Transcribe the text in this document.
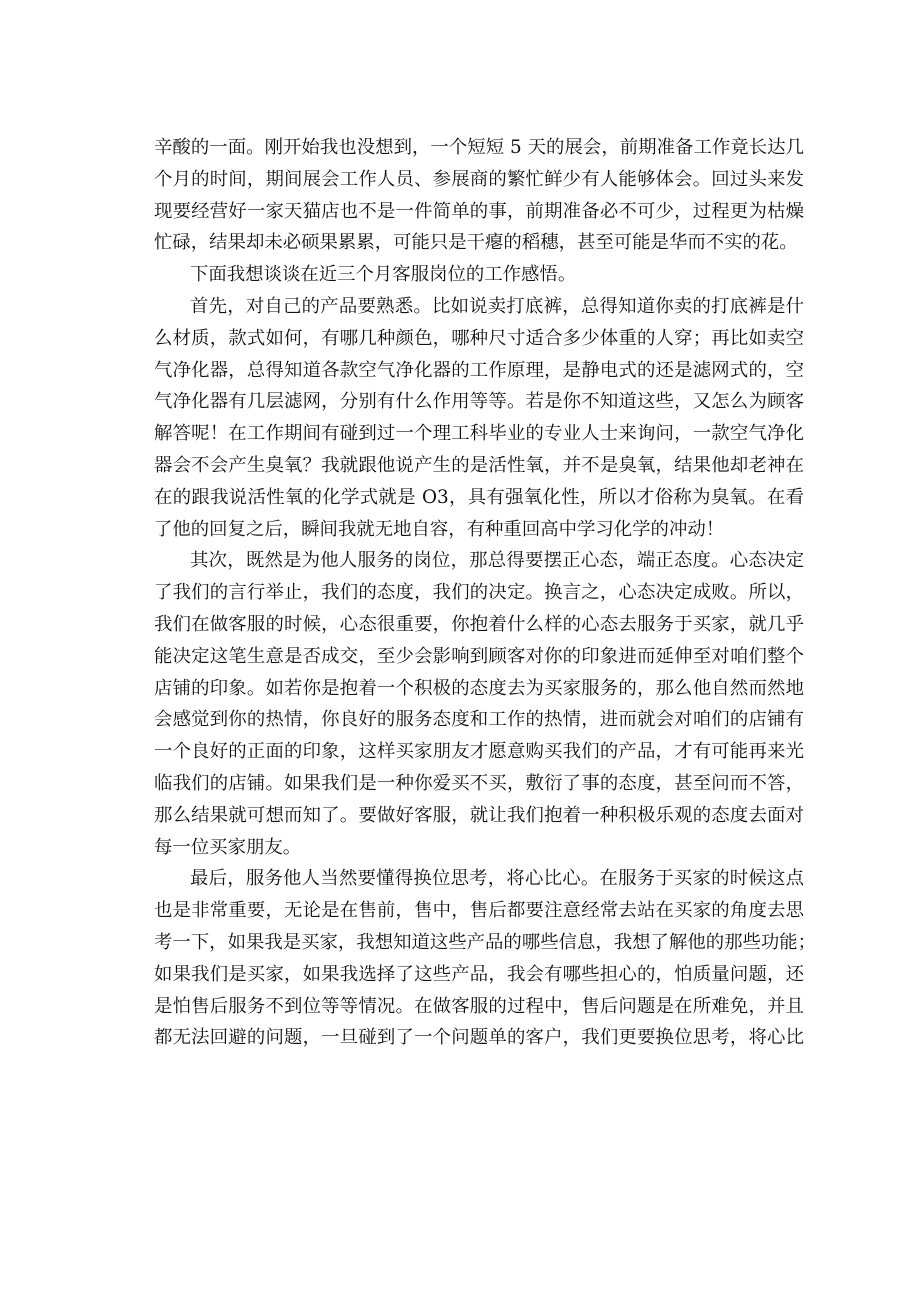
辛酸的一面。刚开始我也没想到，一个短短 5 天的展会，前期准备工作竟长达几
个月的时间，期间展会工作人员、参展商的繁忙鲜少有人能够体会。回过头来发
现要经营好一家天猫店也不是一件简单的事，前期准备必不可少，过程更为枯燥
忙碌，结果却未必硕果累累，可能只是干瘪的稻穗，甚至可能是华而不实的花。
下面我想谈谈在近三个月客服岗位的工作感悟。
首先，对自己的产品要熟悉。比如说卖打底裤，总得知道你卖的打底裤是什
么材质，款式如何，有哪几种颜色，哪种尺寸适合多少体重的人穿；再比如卖空
气净化器，总得知道各款空气净化器的工作原理，是静电式的还是滤网式的，空
气净化器有几层滤网，分别有什么作用等等。若是你不知道这些，又怎么为顾客
解答呢！在工作期间有碰到过一个理工科毕业的专业人士来询问，一款空气净化
器会不会产生臭氧？我就跟他说产生的是活性氧，并不是臭氧，结果他却老神在
在的跟我说活性氧的化学式就是 O3，具有强氧化性，所以才俗称为臭氧。在看
了他的回复之后，瞬间我就无地自容，有种重回高中学习化学的冲动！
其次，既然是为他人服务的岗位，那总得要摆正心态，端正态度。心态决定
了我们的言行举止，我们的态度，我们的决定。换言之，心态决定成败。所以，
我们在做客服的时候，心态很重要，你抱着什么样的心态去服务于买家，就几乎
能决定这笔生意是否成交，至少会影响到顾客对你的印象进而延伸至对咱们整个
店铺的印象。如若你是抱着一个积极的态度去为买家服务的，那么他自然而然地
会感觉到你的热情，你良好的服务态度和工作的热情，进而就会对咱们的店铺有
一个良好的正面的印象，这样买家朋友才愿意购买我们的产品，才有可能再来光
临我们的店铺。如果我们是一种你爱买不买，敷衍了事的态度，甚至问而不答，
那么结果就可想而知了。要做好客服，就让我们抱着一种积极乐观的态度去面对
每一位买家朋友。
最后，服务他人当然要懂得换位思考，将心比心。在服务于买家的时候这点
也是非常重要，无论是在售前，售中，售后都要注意经常去站在买家的角度去思
考一下，如果我是买家，我想知道这些产品的哪些信息，我想了解他的那些功能；
如果我们是买家，如果我选择了这些产品，我会有哪些担心的，怕质量问题，还
是怕售后服务不到位等等情况。在做客服的过程中，售后问题是在所难免，并且
都无法回避的问题，一旦碰到了一个问题单的客户，我们更要换位思考，将心比
